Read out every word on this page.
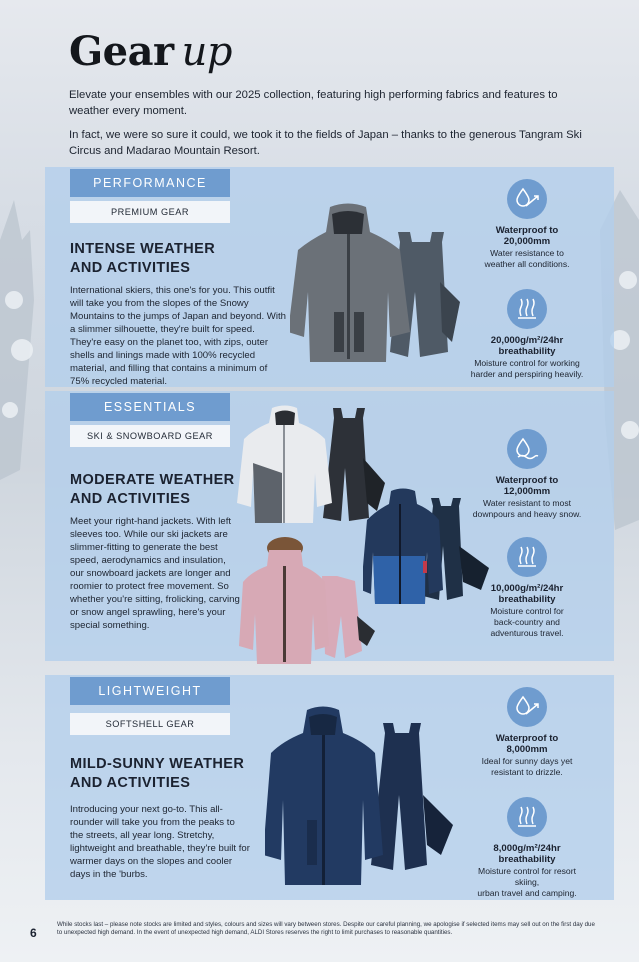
Gear up

Elevate your ensembles with our 2025 collection, featuring high performing fabrics and features to weather every moment.

In fact, we were so sure it could, we took it to the fields of Japan – thanks to the generous Tangram Ski Circus and Madarao Mountain Resort.

PERFORMANCE
PREMIUM GEAR
INTENSE WEATHER
AND ACTIVITIES
International skiers, this one's for you. This outfit will take you from the slopes of the Snowy Mountains to the jumps of Japan and beyond. With a slimmer silhouette, they're built for speed. They're easy on the planet too, with zips, outer shells and linings made with 100% recycled material, and filling that contains a minimum of 75% recycled material.
Waterproof to
20,000mm
Water resistance to
weather all conditions.
20,000g/m²/24hr
breathability
Moisture control for working
harder and perspiring heavily.
ESSENTIALS
SKI & SNOWBOARD GEAR
MODERATE WEATHER
AND ACTIVITIES
Meet your right-hand jackets. With left sleeves too. While our ski jackets are slimmer-fitting to generate the best speed, aerodynamics and insulation, our snowboard jackets are longer and roomier to protect free movement. So whether you're sitting, frolicking, carving or snow angel sprawling, here's your special something.
Waterproof to
12,000mm
Water resistant to most
downpours and heavy snow.
10,000g/m²/24hr
breathability
Moisture control for
back-country and
adventurous travel.
LIGHTWEIGHT
SOFTSHELL GEAR
MILD-SUNNY WEATHER
AND ACTIVITIES
Introducing your next go-to. This all-rounder will take you from the peaks to the streets, all year long. Stretchy, lightweight and breathable, they're built for warmer days on the slopes and cooler days in the 'burbs.
Waterproof to
8,000mm
Ideal for sunny days yet
resistant to drizzle.
8,000g/m²/24hr
breathability
Moisture control for resort skiing,
urban travel and camping.
6
While stocks last – please note stocks are limited and styles, colours and sizes will vary between stores. Despite our careful planning, we apologise if selected items may sell out on the first day due to unexpected high demand. In the event of unexpected high demand, ALDI Stores reserves the right to limit purchases to reasonable quantities.
